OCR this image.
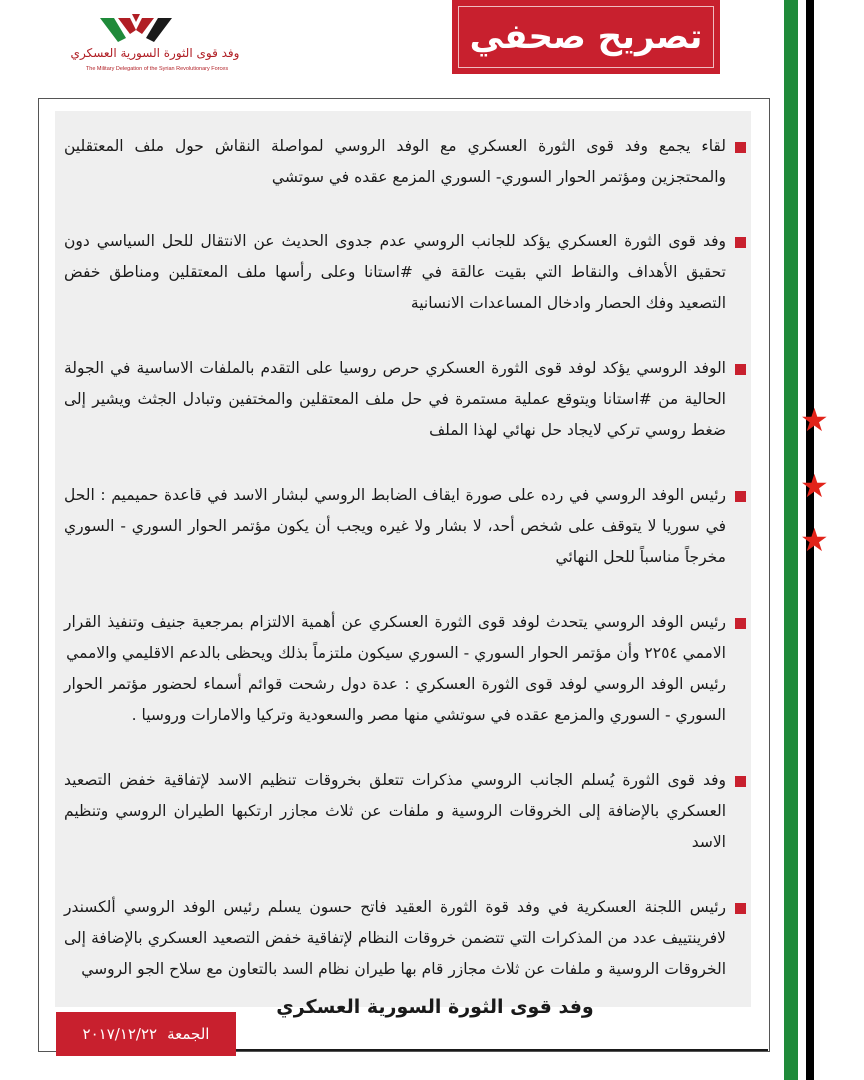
★
★
★
وفد قوى الثورة السورية العسكري
The Military Delegation of the Syrian Revolutionary Forces
تصريح صحفي
لقاء يجمع وفد قوى الثورة العسكري مع الوفد الروسي لمواصلة النقاش حول ملف المعتقلين والمحتجزين ومؤتمر الحوار السوري- السوري المزمع عقده في سوتشي
وفد قوى الثورة العسكري يؤكد للجانب الروسي عدم جدوى الحديث عن الانتقال للحل السياسي دون تحقيق الأهداف والنقاط التي بقيت عالقة في #استانا وعلى رأسها ملف المعتقلين ومناطق خفض التصعيد وفك الحصار وادخال المساعدات الانسانية
الوفد الروسي يؤكد لوفد قوى الثورة العسكري حرص روسيا على التقدم بالملفات الاساسية في الجولة الحالية من #استانا ويتوقع عملية مستمرة في حل ملف المعتقلين والمختفين وتبادل الجثث ويشير إلى ضغط روسي تركي لايجاد حل نهائي لهذا الملف
رئيس الوفد الروسي في رده على صورة ايقاف الضابط الروسي لبشار الاسد في قاعدة حميميم : الحل في سوريا لا يتوقف على شخص أحد، لا بشار ولا غيره ويجب أن يكون مؤتمر الحوار السوري - السوري مخرجاً مناسباً للحل النهائي
رئيس الوفد الروسي يتحدث لوفد قوى الثورة العسكري عن أهمية الالتزام بمرجعية جنيف وتنفيذ القرار الاممي ٢٢٥٤ وأن مؤتمر الحوار السوري - السوري سيكون ملتزماً بذلك ويحظى بالدعم الاقليمي والاممي
رئيس الوفد الروسي لوفد قوى الثورة العسكري : عدة دول رشحت قوائم أسماء لحضور مؤتمر الحوار السوري - السوري والمزمع عقده في سوتشي منها مصر والسعودية وتركيا والامارات وروسيا .
وفد قوى الثورة يُسلم الجانب الروسي مذكرات تتعلق بخروقات تنظيم الاسد لإتفاقية خفض التصعيد العسكري بالإضافة إلى الخروقات الروسية و ملفات عن ثلاث مجازر ارتكبها الطيران الروسي وتنظيم الاسد
رئيس اللجنة العسكرية في وفد قوة الثورة العقيد فاتح حسون يسلم رئيس الوفد الروسي ألكسندر لافرينتييف عدد من المذكرات التي تتضمن خروقات النظام لإتفاقية خفض التصعيد العسكري بالإضافة إلى الخروقات الروسية و ملفات عن ثلاث مجازر قام بها طيران نظام السد بالتعاون مع سلاح الجو الروسي
وفد قوى الثورة السورية العسكري
الجمعة
٢٠١٧/١٢/٢٢
